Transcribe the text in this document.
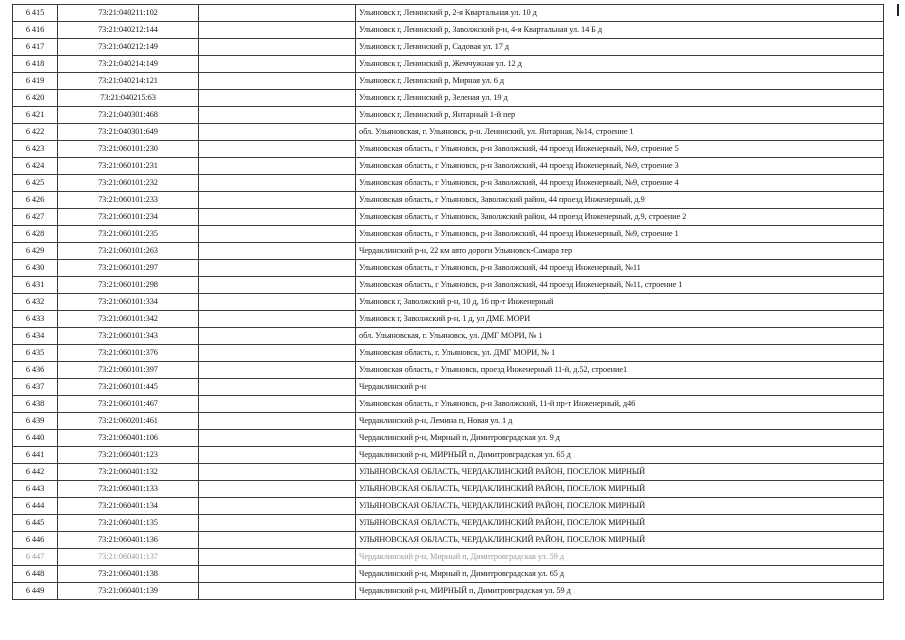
6 415	73:21:040211:102		Ульяновск г, Ленинский р, 2-я Квартальная ул. 10 д
6 416	73:21:040212:144		Ульяновск г, Ленинский р, Заволжский р-н, 4-я Квартальная ул. 14 Б д
6 417	73:21:040212:149		Ульяновск г, Ленинский р, Садовая ул. 17 д
6 418	73:21:040214:149		Ульяновск г, Ленинский р, Жемчужная ул. 12 д
6 419	73:21:040214:121		Ульяновск г, Ленинский р, Мирная ул. 6 д
6 420	73:21:040215:63		Ульяновск г, Ленинский р, Зеленая ул. 19 д
6 421	73:21:040301:468		Ульяновск г, Ленинский р, Янтарный 1-й пер
6 422	73:21:040301:649		обл. Ульяновская, г. Ульяновск, р-н. Ленинский, ул. Янтарная, №14, строение 1
6 423	73:21:060101:230		Ульяновская область, г Ульяновск, р-н Заволжский, 44 проезд Инженерный, №9, строение 5
6 424	73:21:060101:231		Ульяновская область, г Ульяновск, р-н Заволжский, 44 проезд Инженерный, №9, строение 3
6 425	73:21:060101:232		Ульяновская область, г Ульяновск, р-н Заволжский, 44 проезд Инженерный, №9, строение 4
6 426	73:21:060101:233		Ульяновская область, г Ульяновск, Заволжский район, 44 проезд Инженерный, д.9
6 427	73:21:060101:234		Ульяновская область, г Ульяновск, Заволжский район, 44 проезд Инженерный, д.9, строение 2
6 428	73:21:060101:235		Ульяновская область, г Ульяновск, р-н Заволжский, 44 проезд Инженерный, №9, строение 1
6 429	73:21:060101:263		Чердаклинский р-н, 22 км авто дороги Ульяновск-Самара тер
6 430	73:21:060101:297		Ульяновская область, г Ульяновск, р-н Заволжский, 44 проезд Инженерный, №11
6 431	73:21:060101:298		Ульяновская область, г Ульяновск, р-н Заволжский, 44 проезд Инженерный, №11, строение 1
6 432	73:21:060101:334		Ульяновск г, Заволжский р-н, 10 д, 16 пр-т Инженерный
6 433	73:21:060101:342		Ульяновск г, Заволжский р-н, 1 д, ул ДМЕ МОРИ
6 434	73:21:060101:343		обл. Ульяновская, г. Ульяновск, ул. ДМГ МОРИ, № 1
6 435	73:21:060101:376		Ульяновская область, г. Ульяновск, ул. ДМГ МОРИ, № 1
6 436	73:21:060101:397		Ульяновская область, г Ульяновск, проезд Инженерный 11-й, д.52, строение1
6 437	73:21:060101:445		Чердаклинский р-н
6 438	73:21:060101:467		Ульяновская область, г Ульяновск, р-н Заволжский, 11-й пр-т Инженерный, д46
6 439	73:21:060201:461		Чердаклинский р-н, Лемина п, Новая ул. 1 д
6 440	73:21:060401:106		Чердаклинский р-н, Мирный п, Димитровградская ул. 9 д
6 441	73:21:060401:123		Чердаклинский р-н, МИРНЫЙ п, Димитровградская ул. 65 д
6 442	73:21:060401:132		УЛЬЯНОВСКАЯ ОБЛАСТЬ, ЧЕРДАКЛИНСКИЙ РАЙОН, ПОСЕЛОК МИРНЫЙ
6 443	73:21:060401:133		УЛЬЯНОВСКАЯ ОБЛАСТЬ, ЧЕРДАКЛИНСКИЙ РАЙОН, ПОСЕЛОК МИРНЫЙ
6 444	73:21:060401:134		УЛЬЯНОВСКАЯ ОБЛАСТЬ, ЧЕРДАКЛИНСКИЙ РАЙОН, ПОСЕЛОК МИРНЫЙ
6 445	73:21:060401:135		УЛЬЯНОВСКАЯ ОБЛАСТЬ, ЧЕРДАКЛИНСКИЙ РАЙОН, ПОСЕЛОК МИРНЫЙ
6 446	73:21:060401:136		УЛЬЯНОВСКАЯ ОБЛАСТЬ, ЧЕРДАКЛИНСКИЙ РАЙОН, ПОСЕЛОК МИРНЫЙ
6 447	73:21:060401:137		Чердаклинский р-н, Мирный п, Димитровградская ул. 59 д
6 448	73:21:060401:138		Чердаклинский р-н, Мирный п, Димитровградская ул. 65 д
6 449	73:21:060401:139		Чердаклинский р-н, МИРНЫЙ п, Димитровградская ул. 59 д
